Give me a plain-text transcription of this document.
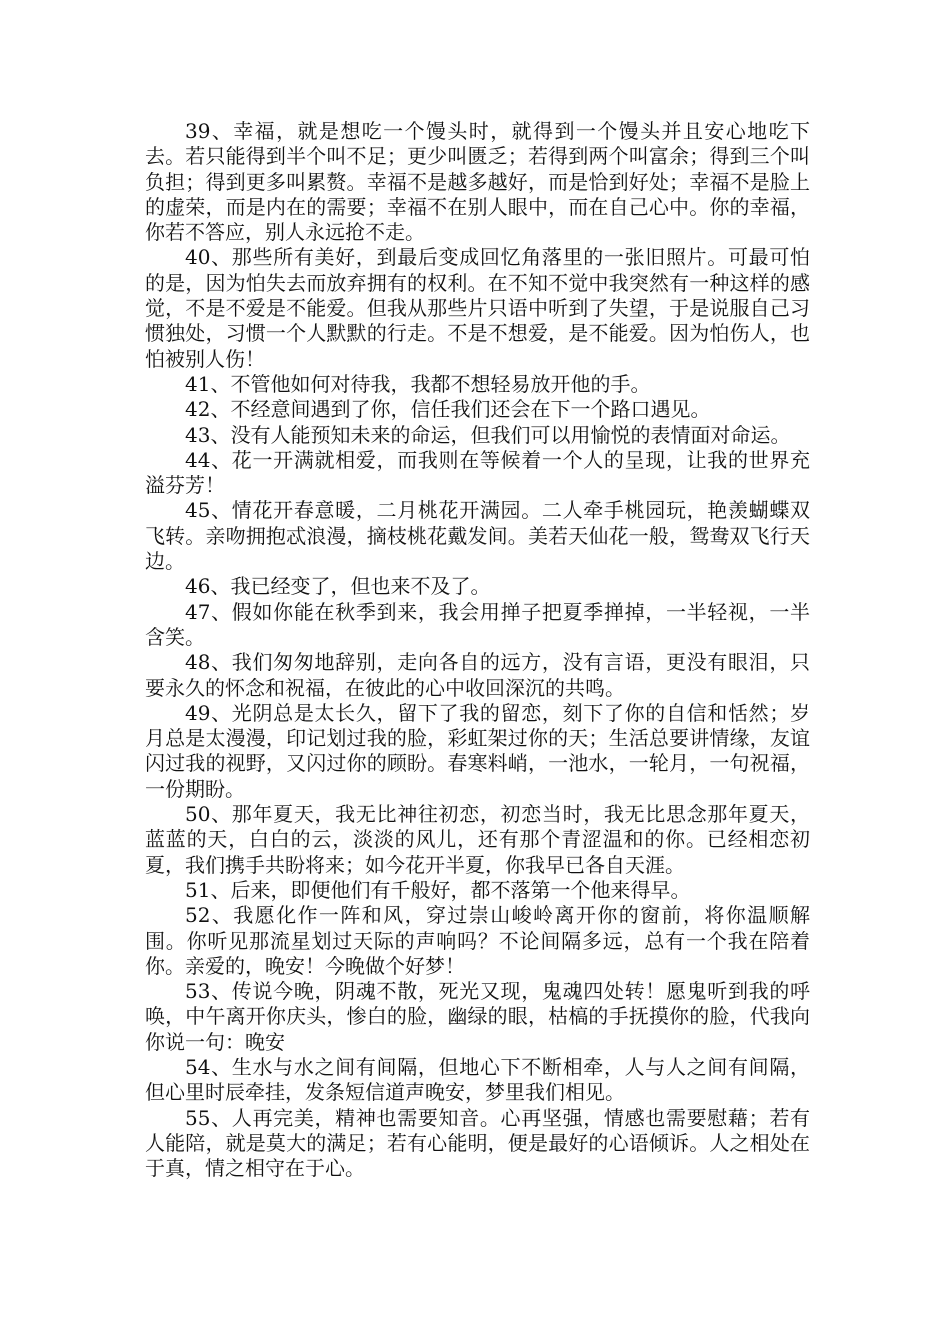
39、幸福，就是想吃一个馒头时，就得到一个馒头并且安心地吃下去。若只能得到半个叫不足；更少叫匮乏；若得到两个叫富余；得到三个叫负担；得到更多叫累赘。幸福不是越多越好，而是恰到好处；幸福不是脸上的虚荣，而是内在的需要；幸福不在别人眼中，而在自己心中。你的幸福，你若不答应，别人永远抢不走。

40、那些所有美好，到最后变成回忆角落里的一张旧照片。可最可怕的是，因为怕失去而放弃拥有的权利。在不知不觉中我突然有一种这样的感觉，不是不爱是不能爱。但我从那些片只语中听到了失望，于是说服自己习惯独处，习惯一个人默默的行走。不是不想爱，是不能爱。因为怕伤人，也怕被别人伤！

41、不管他如何对待我，我都不想轻易放开他的手。

42、不经意间遇到了你，信任我们还会在下一个路口遇见。

43、没有人能预知未来的命运，但我们可以用愉悦的表情面对命运。

44、花一开满就相爱，而我则在等候着一个人的呈现，让我的世界充溢芬芳！

45、情花开春意暖，二月桃花开满园。二人牵手桃园玩，艳羡蝴蝶双飞转。亲吻拥抱忒浪漫，摘枝桃花戴发间。美若天仙花一般，鸳鸯双飞行天边。

46、我已经变了，但也来不及了。

47、假如你能在秋季到来，我会用掸子把夏季掸掉，一半轻视，一半含笑。

48、我们匆匆地辞别，走向各自的远方，没有言语，更没有眼泪，只要永久的怀念和祝福，在彼此的心中收回深沉的共鸣。

49、光阴总是太长久，留下了我的留恋，刻下了你的自信和恬然；岁月总是太漫漫，印记划过我的脸，彩虹架过你的天；生活总要讲情缘，友谊闪过我的视野，又闪过你的顾盼。春寒料峭，一池水，一轮月，一句祝福，一份期盼。

50、那年夏天，我无比神往初恋，初恋当时，我无比思念那年夏天，蓝蓝的天，白白的云，淡淡的风儿，还有那个青涩温和的你。已经相恋初夏，我们携手共盼将来；如今花开半夏，你我早已各自天涯。

51、后来，即便他们有千般好，都不落第一个他来得早。

52、我愿化作一阵和风，穿过崇山峻岭离开你的窗前，将你温顺解围。你听见那流星划过天际的声响吗？不论间隔多远，总有一个我在陪着你。亲爱的，晚安！今晚做个好梦！

53、传说今晚，阴魂不散，死光又现，鬼魂四处转！愿鬼听到我的呼唤，中午离开你庆头，惨白的脸，幽绿的眼，枯槁的手抚摸你的脸，代我向你说一句：晚安

54、生水与水之间有间隔，但地心下不断相牵，人与人之间有间隔，但心里时辰牵挂，发条短信道声晚安，梦里我们相见。

55、人再完美，精神也需要知音。心再坚强，情感也需要慰藉；若有人能陪，就是莫大的满足；若有心能明，便是最好的心语倾诉。人之相处在于真，情之相守在于心。
